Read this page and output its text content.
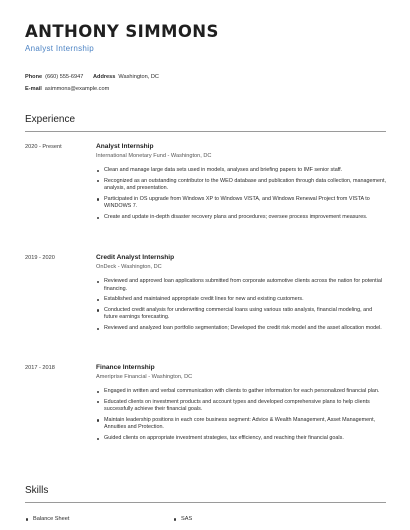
ANTHONY SIMMONS
Analyst Internship
Phone (660) 555-6947 Address Washington, DC
E-mail asimmons@example.com
Experience
2020 - Present	Analyst Internship
International Monetary Fund - Washington, DC
Clean and manage large data sets used in models, analyses and briefing papers to IMF senior staff.
Recognized as an outstanding contributor to the WEO database and publication through data collection, management, analysis, and presentation.
Participated in OS upgrade from Windows XP to Windows VISTA, and Windows Renewal Project from VISTA to WINDOWS 7.
Create and update in-depth disaster recovery plans and procedures; oversee process improvement measures.
2019 - 2020	Credit Analyst Internship
OnDeck - Washington, DC
Reviewed and approved loan applications submitted from corporate automotive clients across the nation for potential financing.
Established and maintained appropriate credit lines for new and existing customers.
Conducted credit analysis for underwriting commercial loans using various ratio analysis, financial modeling, and future earnings forecasting.
Reviewed and analyzed loan portfolio segmentation; Developed the credit risk model and the asset allocation model.
2017 - 2018	Finance Internship
Ameriprise Financial - Washington, DC
Engaged in written and verbal communication with clients to gather information for each personalized financial plan.
Educated clients on investment products and account types and developed comprehensive plans to help clients successfully achieve their financial goals.
Maintain leadership positions in each core business segment: Advice & Wealth Management, Asset Management, Annuities and Protection.
Guided clients on appropriate investment strategies, tax efficiency, and reaching their financial goals.
Skills
Balance Sheet	SAS
